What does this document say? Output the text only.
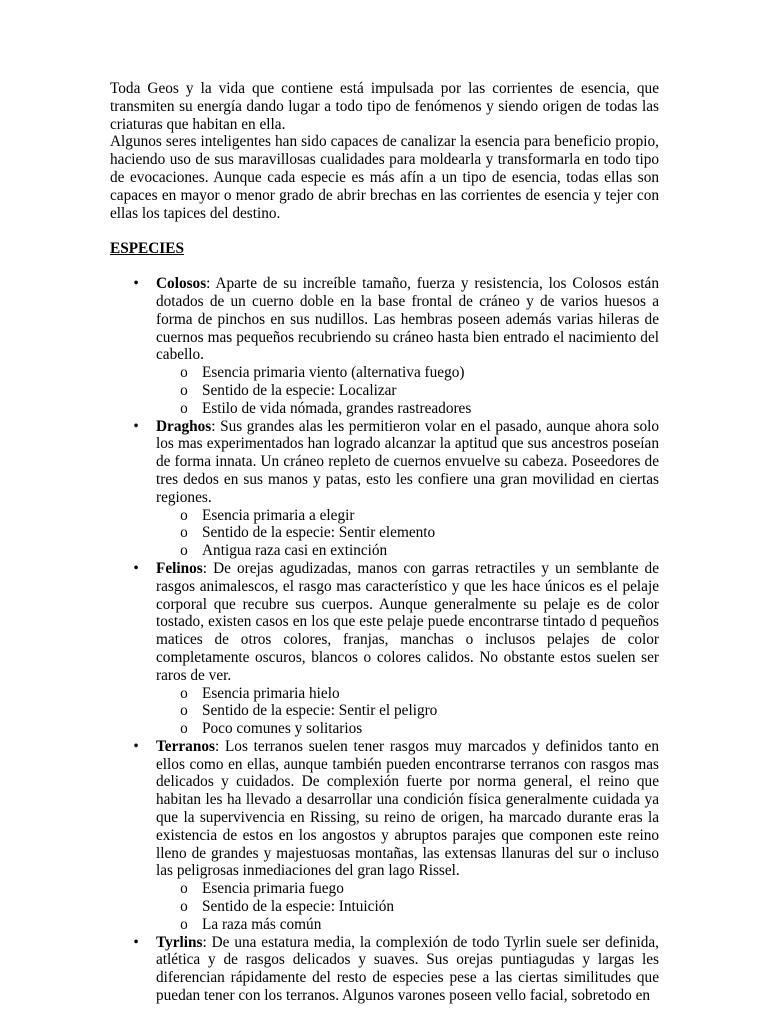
Toda Geos y la vida que contiene está impulsada por las corrientes de esencia, que transmiten su energía dando lugar a todo tipo de fenómenos y siendo origen de todas las criaturas que habitan en ella.

Algunos seres inteligentes han sido capaces de canalizar la esencia para beneficio propio, haciendo uso de sus maravillosas cualidades para moldearla y transformarla en todo tipo de evocaciones. Aunque cada especie es más afín a un tipo de esencia, todas ellas son capaces en mayor o menor grado de abrir brechas en las corrientes de esencia y tejer con ellas los tapices del destino.

ESPECIES
• Colosos: Aparte de su increíble tamaño, fuerza y resistencia, los Colosos están dotados de un cuerno doble en la base frontal de cráneo y de varios huesos a forma de pinchos en sus nudillos. Las hembras poseen además varias hileras de cuernos mas pequeños recubriendo su cráneo hasta bien entrado el nacimiento del cabello.
o Esencia primaria viento (alternativa fuego)
o Sentido de la especie: Localizar
o Estilo de vida nómada, grandes rastreadores
• Draghos: Sus grandes alas les permitieron volar en el pasado, aunque ahora solo los mas experimentados han logrado alcanzar la aptitud que sus ancestros poseían de forma innata. Un cráneo repleto de cuernos envuelve su cabeza. Poseedores de tres dedos en sus manos y patas, esto les confiere una gran movilidad en ciertas regiones.
o Esencia primaria a elegir
o Sentido de la especie: Sentir elemento
o Antigua raza casi en extinción
• Felinos: De orejas agudizadas, manos con garras retractiles y un semblante de rasgos animalescos, el rasgo mas característico y que les hace únicos es el pelaje corporal que recubre sus cuerpos. Aunque generalmente su pelaje es de color tostado, existen casos en los que este pelaje puede encontrarse tintado d pequeños matices de otros colores, franjas, manchas o inclusos pelajes de color completamente oscuros, blancos o colores calidos. No obstante estos suelen ser raros de ver.
o Esencia primaria hielo
o Sentido de la especie: Sentir el peligro
o Poco comunes y solitarios
• Terranos: Los terranos suelen tener rasgos muy marcados y definidos tanto en ellos como en ellas, aunque también pueden encontrarse terranos con rasgos mas delicados y cuidados. De complexión fuerte por norma general, el reino que habitan les ha llevado a desarrollar una condición física generalmente cuidada ya que la supervivencia en Rissing, su reino de origen, ha marcado durante eras la existencia de estos en los angostos y abruptos parajes que componen este reino lleno de grandes y majestuosas montañas, las extensas llanuras del sur o incluso las peligrosas inmediaciones del gran lago Rissel.
o Esencia primaria fuego
o Sentido de la especie: Intuición
o La raza más común
• Tyrlins: De una estatura media, la complexión de todo Tyrlin suele ser definida, atlética y de rasgos delicados y suaves. Sus orejas puntiagudas y largas les diferencian rápidamente del resto de especies pese a las ciertas similitudes que puedan tener con los terranos. Algunos varones poseen vello facial, sobretodo en
